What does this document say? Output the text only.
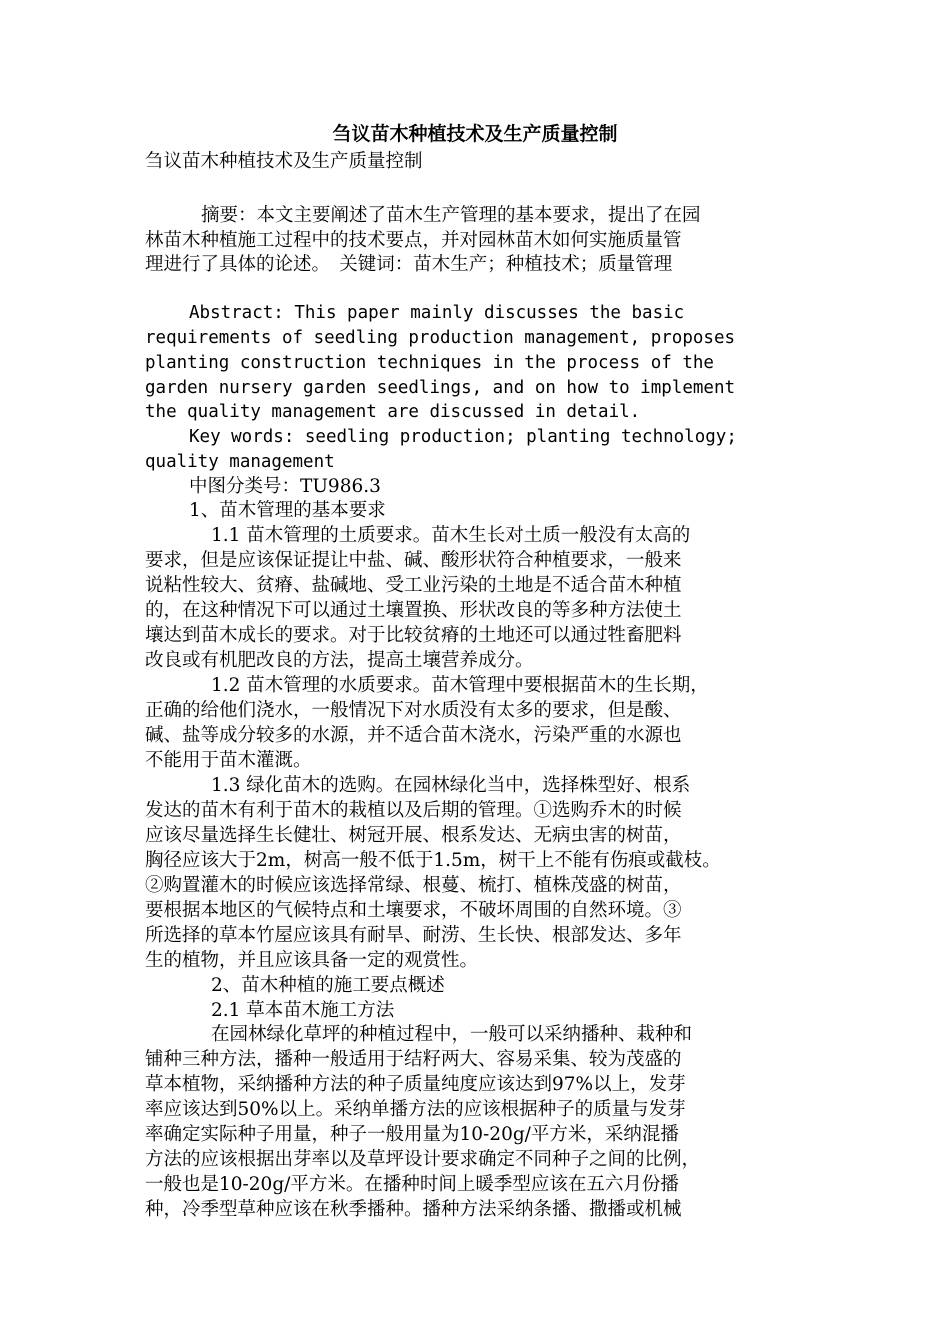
刍议苗木种植技术及生产质量控制
刍议苗木种植技术及生产质量控制
摘要：本文主要阐述了苗木生产管理的基本要求，提出了在园
林苗木种植施工过程中的技术要点，并对园林苗木如何实施质量管
理进行了具体的论述。　关键词：苗木生产；种植技术；质量管理
Abstract: This paper mainly discusses the basic
requirements of seedling production management, proposes
planting construction techniques in the process of the
garden nursery garden seedlings, and on how to implement
the quality management are discussed in detail.
Key words: seedling production; planting technology;
quality management
中图分类号：TU986.3
1、苗木管理的基本要求
1.1 苗木管理的土质要求。苗木生长对土质一般没有太高的
要求，但是应该保证提让中盐、碱、酸形状符合种植要求，一般来
说粘性较大、贫瘠、盐碱地、受工业污染的土地是不适合苗木种植
的，在这种情况下可以通过土壤置换、形状改良的等多种方法使土
壤达到苗木成长的要求。对于比较贫瘠的土地还可以通过牲畜肥料
改良或有机肥改良的方法，提高土壤营养成分。
1.2 苗木管理的水质要求。苗木管理中要根据苗木的生长期，
正确的给他们浇水，一般情况下对水质没有太多的要求，但是酸、
碱、盐等成分较多的水源，并不适合苗木浇水，污染严重的水源也
不能用于苗木灌溉。
1.3 绿化苗木的选购。在园林绿化当中，选择株型好、根系
发达的苗木有利于苗木的栽植以及后期的管理。①选购乔木的时候
应该尽量选择生长健壮、树冠开展、根系发达、无病虫害的树苗，
胸径应该大于2m，树高一般不低于1.5m，树干上不能有伤痕或截枝。
②购置灌木的时候应该选择常绿、根蔓、梳打、植株茂盛的树苗，
要根据本地区的气候特点和土壤要求，不破坏周围的自然环境。③
所选择的草本竹屋应该具有耐旱、耐涝、生长快、根部发达、多年
生的植物，并且应该具备一定的观赏性。
2、苗木种植的施工要点概述
2.1 草本苗木施工方法
在园林绿化草坪的种植过程中，一般可以采纳播种、栽种和
铺种三种方法，播种一般适用于结籽两大、容易采集、较为茂盛的
草本植物，采纳播种方法的种子质量纯度应该达到97%以上，发芽
率应该达到50%以上。采纳单播方法的应该根据种子的质量与发芽
率确定实际种子用量，种子一般用量为10-20g/平方米，采纳混播
方法的应该根据出芽率以及草坪设计要求确定不同种子之间的比例，
一般也是10-20g/平方米。在播种时间上暖季型应该在五六月份播
种，冷季型草种应该在秋季播种。播种方法采纳条播、撒播或机械
